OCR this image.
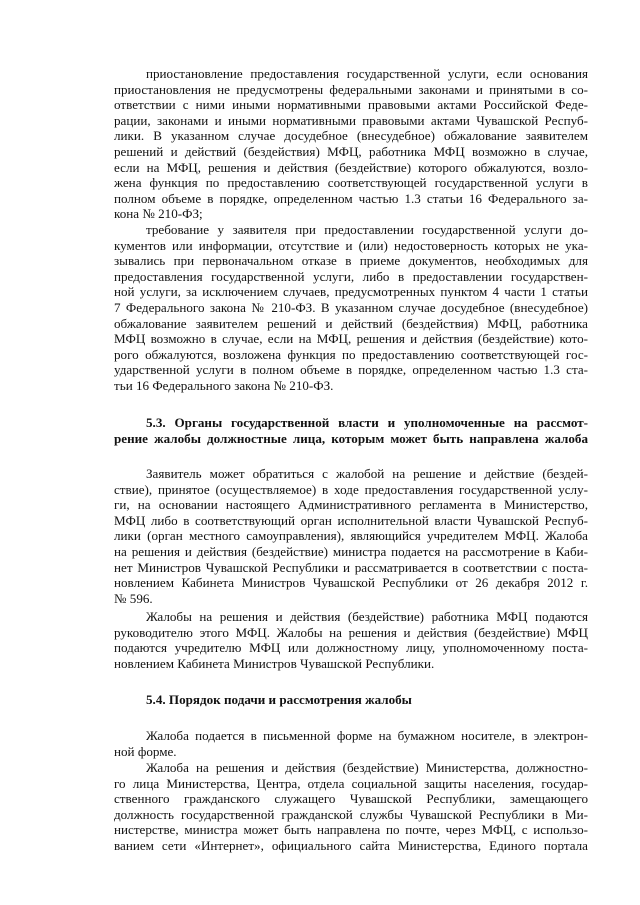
приостановление предоставления государственной услуги, если основания
приостановления не предусмотрены федеральными законами и принятыми в со-
ответствии с ними иными нормативными правовыми актами Российской Феде-
рации, законами и иными нормативными правовыми актами Чувашской Респуб-
лики. В указанном случае досудебное (внесудебное) обжалование заявителем
решений и действий (бездействия) МФЦ, работника МФЦ возможно в случае,
если на МФЦ, решения и действия (бездействие) которого обжалуются, возло-
жена функция по предоставлению соответствующей государственной услуги в
полном объеме в порядке, определенном частью 1.3 статьи 16 Федерального за-
кона № 210-ФЗ;
требование у заявителя при предоставлении государственной услуги до-
кументов или информации, отсутствие и (или) недостоверность которых не ука-
зывались при первоначальном отказе в приеме документов, необходимых для
предоставления государственной услуги, либо в предоставлении государствен-
ной услуги, за исключением случаев, предусмотренных пунктом 4 части 1 статьи
7 Федерального закона № 210-ФЗ. В указанном случае досудебное (внесудебное)
обжалование заявителем решений и действий (бездействия) МФЦ, работника
МФЦ возможно в случае, если на МФЦ, решения и действия (бездействие) кото-
рого обжалуются, возложена функция по предоставлению соответствующей гос-
ударственной услуги в полном объеме в порядке, определенном частью 1.3 ста-
тьи 16 Федерального закона № 210-ФЗ.
5.3. Органы государственной власти и уполномоченные на рассмот-
рение жалобы должностные лица, которым может быть направлена жалоба
Заявитель может обратиться с жалобой на решение и действие (бездей-
ствие), принятое (осуществляемое) в ходе предоставления государственной услу-
ги, на основании настоящего Административного регламента в Министерство,
МФЦ либо в соответствующий орган исполнительной власти Чувашской Респуб-
лики (орган местного самоуправления), являющийся учредителем МФЦ. Жалоба
на решения и действия (бездействие) министра подается на рассмотрение в Каби-
нет Министров Чувашской Республики и рассматривается в соответствии с поста-
новлением Кабинета Министров Чувашской Республики от 26 декабря 2012 г.
№ 596.
Жалобы на решения и действия (бездействие) работника МФЦ подаются
руководителю этого МФЦ. Жалобы на решения и действия (бездействие) МФЦ
подаются учредителю МФЦ или должностному лицу, уполномоченному поста-
новлением Кабинета Министров Чувашской Республики.
5.4. Порядок подачи и рассмотрения жалобы
Жалоба подается в письменной форме на бумажном носителе, в электрон-
ной форме.
Жалоба на решения и действия (бездействие) Министерства, должностно-
го лица Министерства, Центра, отдела социальной защиты населения, государ-
ственного гражданского служащего Чувашской Республики, замещающего
должность государственной гражданской службы Чувашской Республики в Ми-
нистерстве, министра может быть направлена по почте, через МФЦ, с использо-
ванием сети «Интернет», официального сайта Министерства, Единого портала
